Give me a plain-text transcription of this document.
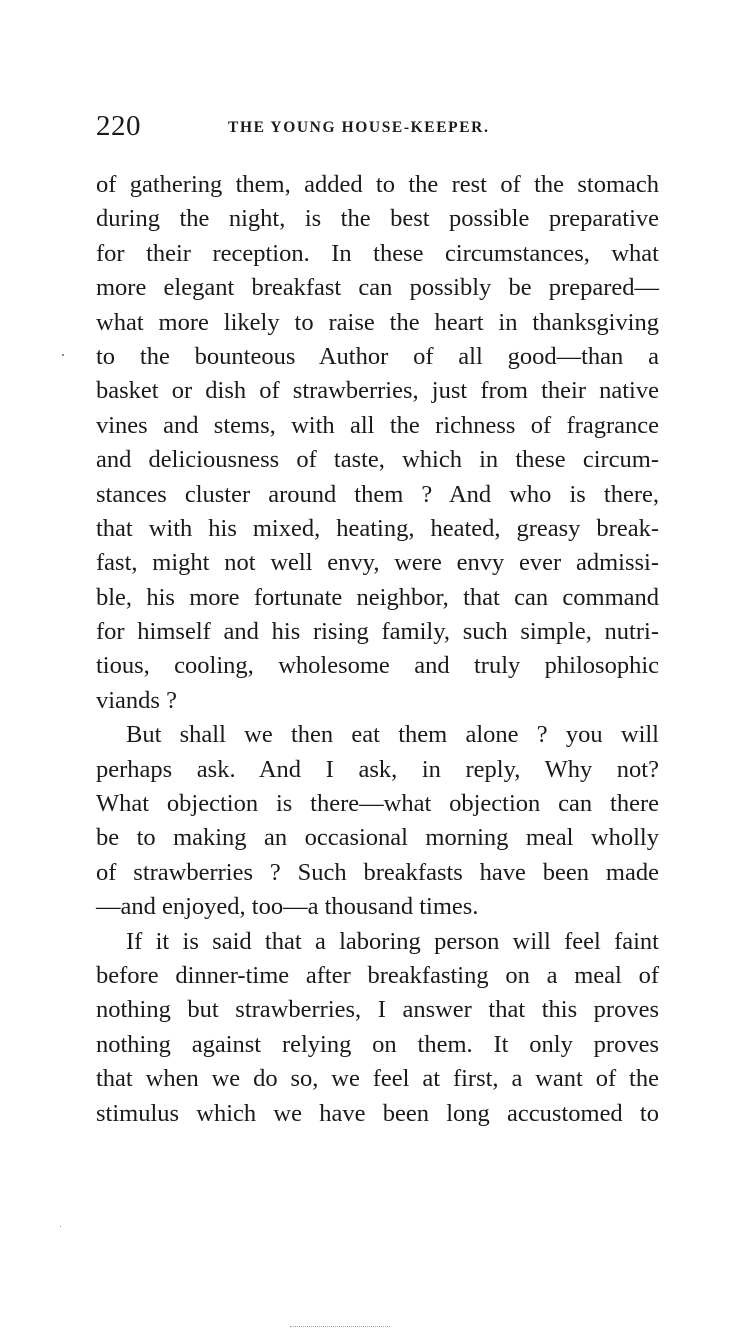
220	THE YOUNG HOUSE-KEEPER.

of gathering them, added to the rest of the stomach
during the night, is the best possible preparative
for their reception. In these circumstances, what
more elegant breakfast can possibly be prepared—
what more likely to raise the heart in thanksgiving
to the bounteous Author of all good—than a
basket or dish of strawberries, just from their native
vines and stems, with all the richness of fragrance
and deliciousness of taste, which in these circum-
stances cluster around them ? And who is there,
that with his mixed, heating, heated, greasy break-
fast, might not well envy, were envy ever admissi-
ble, his more fortunate neighbor, that can command
for himself and his rising family, such simple, nutri-
tious, cooling, wholesome and truly philosophic
viands ?

But shall we then eat them alone ? you will
perhaps ask. And I ask, in reply, Why not?
What objection is there—what objection can there
be to making an occasional morning meal wholly
of strawberries ? Such breakfasts have been made
—and enjoyed, too—a thousand times.

If it is said that a laboring person will feel faint
before dinner-time after breakfasting on a meal of
nothing but strawberries, I answer that this proves
nothing against relying on them. It only proves
that when we do so, we feel at first, a want of the
stimulus which we have been long accustomed to
